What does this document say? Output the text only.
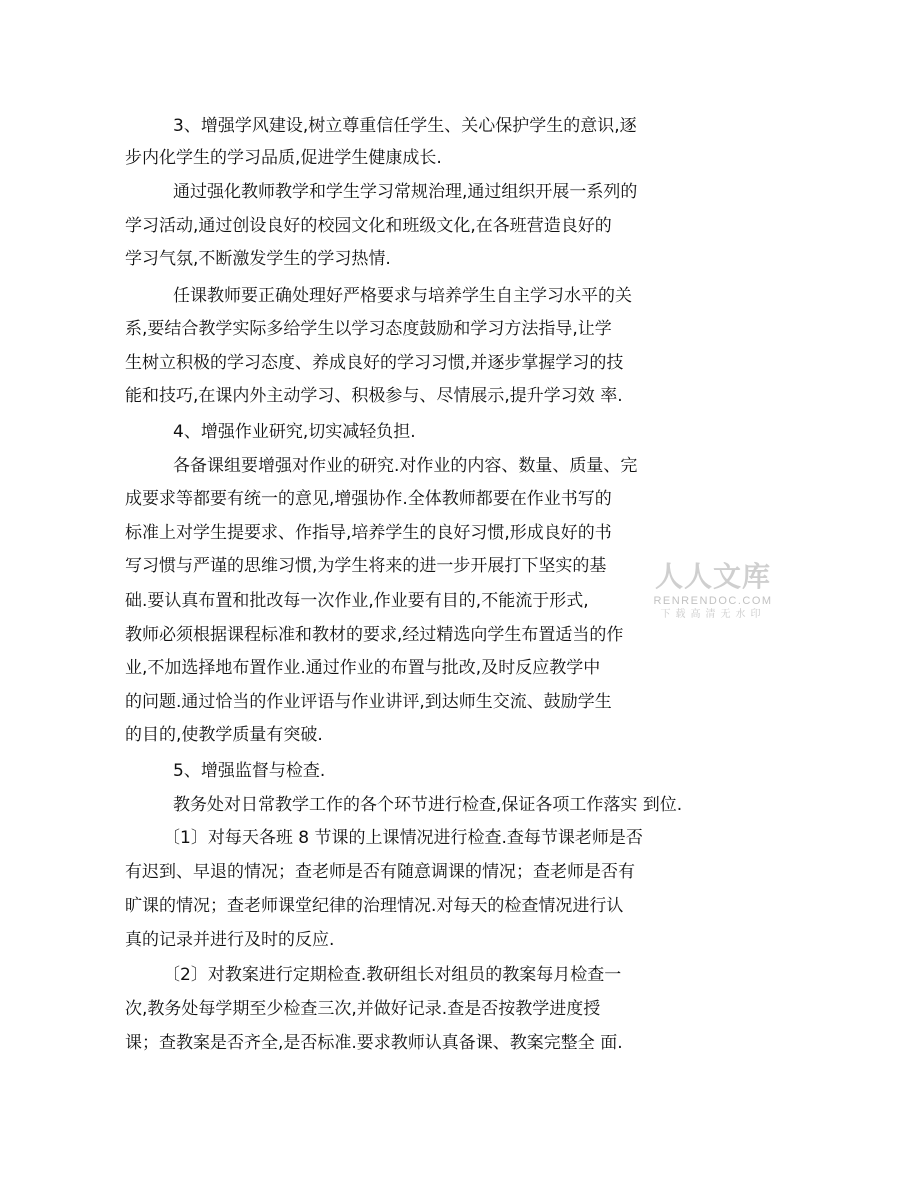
3、增强学风建设,树立尊重信任学生、关心保护学生的意识,逐
步内化学生的学习品质,促进学生健康成长.
通过强化教师教学和学生学习常规治理,通过组织开展一系列的
学习活动,通过创设良好的校园文化和班级文化,在各班营造良好的
学习气氛,不断激发学生的学习热情.
任课教师要正确处理好严格要求与培养学生自主学习水平的关
系,要结合教学实际多给学生以学习态度鼓励和学习方法指导,让学
生树立积极的学习态度、养成良好的学习习惯,并逐步掌握学习的技
能和技巧,在课内外主动学习、积极参与、尽情展示,提升学习效 率.
4、增强作业研究,切实减轻负担.
各备课组要增强对作业的研究.对作业的内容、数量、质量、完
成要求等都要有统一的意见,增强协作.全体教师都要在作业书写的
标准上对学生提要求、作指导,培养学生的良好习惯,形成良好的书
写习惯与严谨的思维习惯,为学生将来的进一步开展打下坚实的基
础.要认真布置和批改每一次作业,作业要有目的,不能流于形式,
教师必须根据课程标准和教材的要求,经过精选向学生布置适当的作
业,不加选择地布置作业.通过作业的布置与批改,及时反应教学中
的问题.通过恰当的作业评语与作业讲评,到达师生交流、鼓励学生
的目的,使教学质量有突破.
5、增强监督与检查.
教务处对日常教学工作的各个环节进行检查,保证各项工作落实 到位.
〔1〕对每天各班 8 节课的上课情况进行检查.查每节课老师是否
有迟到、早退的情况；查老师是否有随意调课的情况；查老师是否有
旷课的情况；查老师课堂纪律的治理情况.对每天的检查情况进行认
真的记录并进行及时的反应.
〔2〕对教案进行定期检查.教研组长对组员的教案每月检查一
次,教务处每学期至少检查三次,并做好记录.查是否按教学进度授
课；查教案是否齐全,是否标准.要求教师认真备课、教案完整全 面.
人人文库
RENRENDOC.COM
下载高清无水印
